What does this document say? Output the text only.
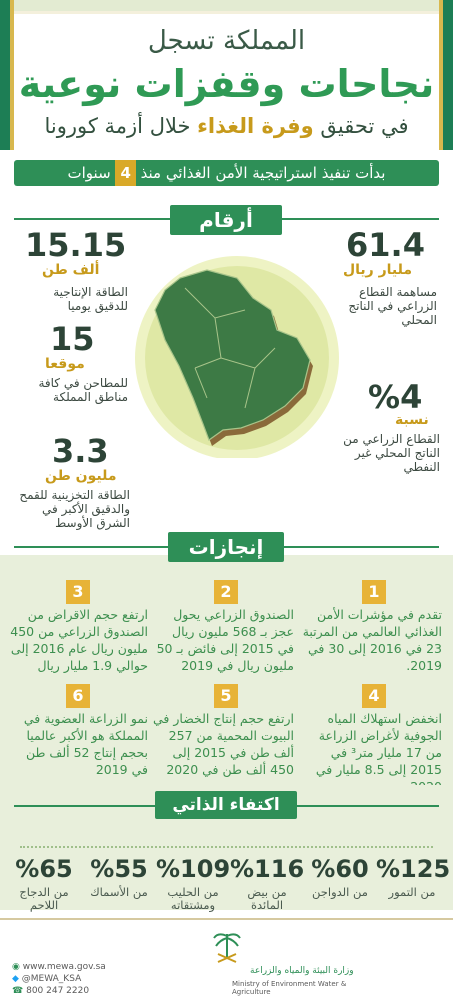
المملكة تسجل
نجاحات وقفزات نوعية
في تحقيق وفرة الغذاء خلال أزمة كورونا
بدأت تنفيذ استراتيجية الأمن الغذائي منذ 4 سنوات
أرقام
15.15
ألف طن
الطاقة الإنتاجية للدقيق يوميا
61.4
مليار ريال
مساهمة القطاع الزراعي في الناتج المحلي
15
موقعا
للمطاحن في كافة مناطق المملكة	%4
نسبة
القطاع الزراعي من الناتج المحلي غير النفطي
3.3
مليون طن
الطاقة التخزينية للقمح والدقيق الأكبر في الشرق الأوسط
إنجازات
1
تقدم في مؤشرات الأمن الغذائي العالمي من المرتبة 23 في 2016 إلى 30 في 2019.
2
الصندوق الزراعي يحول عجز بـ 568 مليون ريال في 2015 إلى فائض بـ 50 مليون ريال في 2019
3
ارتفع حجم الاقراض من الصندوق الزراعي من 450 مليون ريال عام 2016 إلى حوالي 1.9 مليار ريال
4
انخفض استهلاك المياه الجوفية لأغراض الزراعة من 17 مليار متر³ في 2015 إلى 8.5 مليار في
5
ارتفع حجم إنتاج الخضار في البيوت المحمية من 257 ألف طن في 2015 إلى 450 ألف طن في 2020
6
نمو الزراعة العضوية في المملكة هو الأكبر عالميا بحجم إنتاج 52 ألف طن في 2019
اكتفاء الذاتي
%125
من التمور
%60
من الدواجن
%116
من بيض المائدة
%109
من الحليب ومشتقاته
%55
من الأسماك
%65
من الدجاج اللاحم
◉ www.mewa.gov.sa
◆ @MEWA_KSA
☎ 800 247 2220
وزارة البيئة والمياه والزراعة
Ministry of Environment Water & Agriculture
